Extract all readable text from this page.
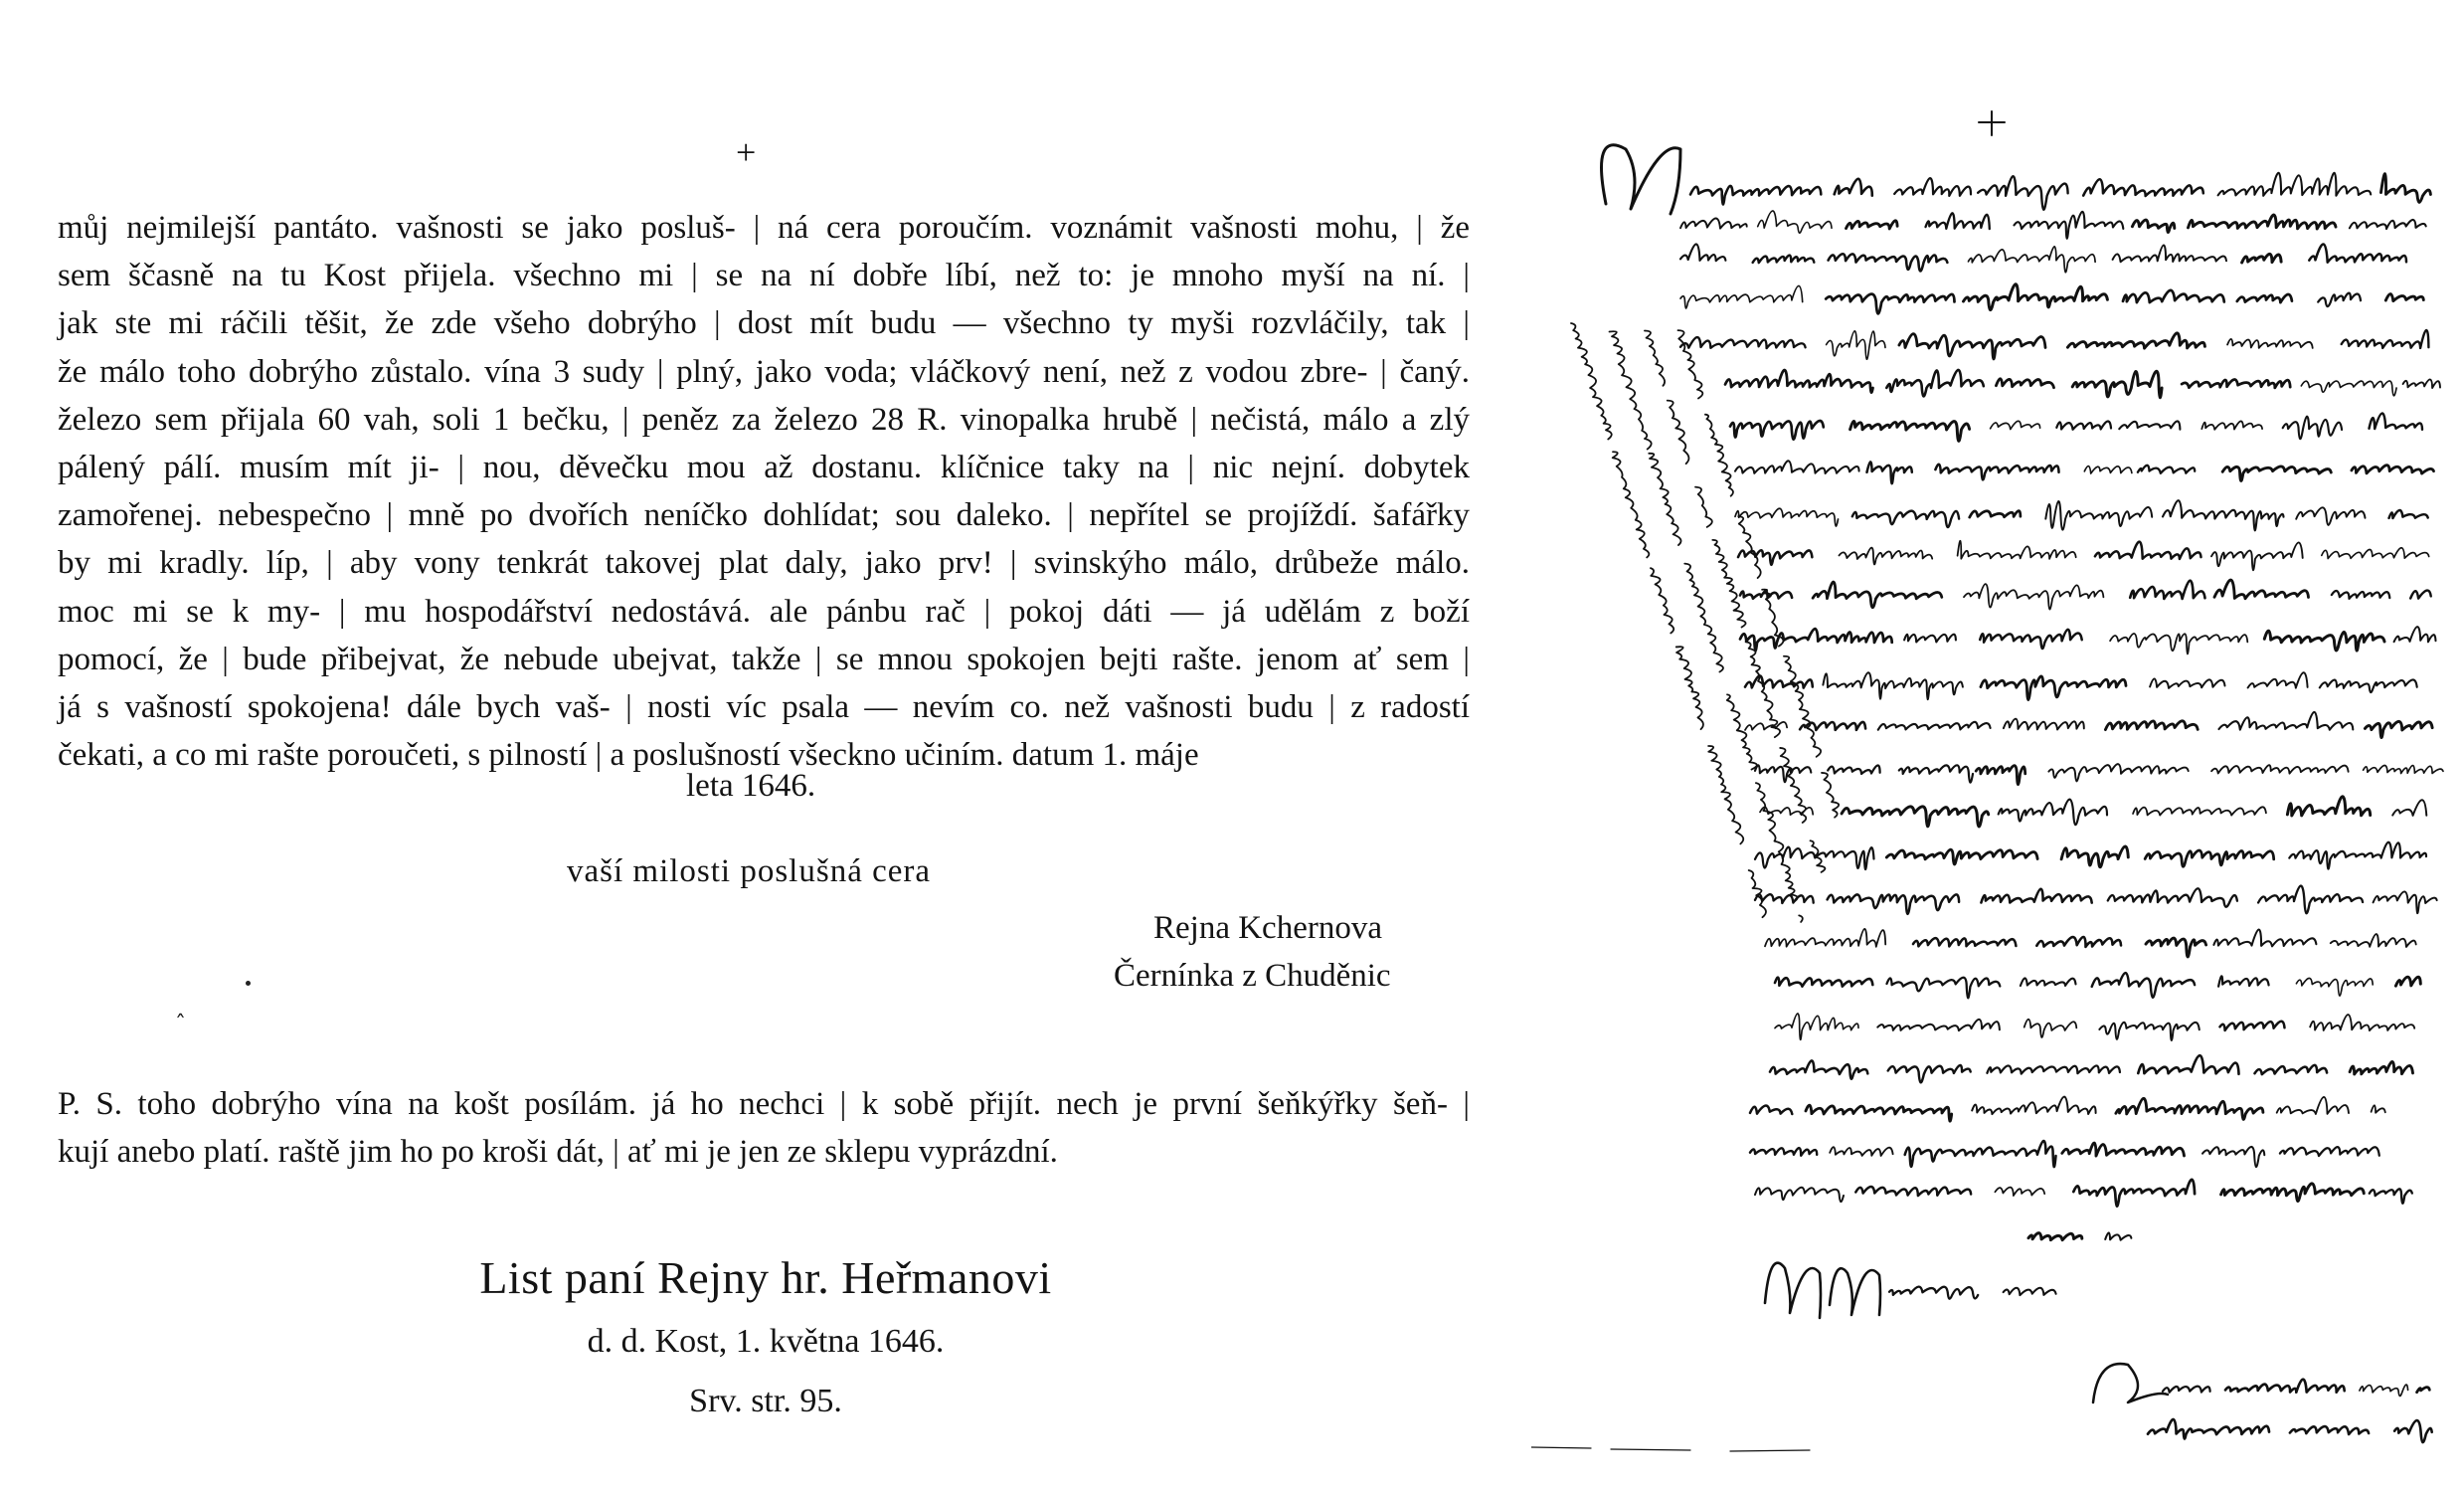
+
můj nejmilejší pantáto. vašnosti se jako posluš- | ná cera poroučím. voznámit vašnosti mohu, | že
sem ščasně na tu Kost přijela. všechno mi | se na ní dobře líbí, než to: je mnoho myší na ní. |
jak ste mi ráčili těšit, že zde všeho dobrýho | dost mít budu — všechno ty myši rozvláčily, tak |
že málo toho dobrýho zůstalo. vína 3 sudy | plný, jako voda; vláčkový není, než z vodou zbre- | čaný.
železo sem přijala 60 vah, soli 1 bečku, | peněz za železo 28 R. vinopalka hrubě | nečistá, málo a zlý
pálený pálí. musím mít ji- | nou, děvečku mou až dostanu. klíčnice taky na | nic nejní. dobytek
zamořenej. nebespečno | mně po dvořích neníčko dohlídat; sou daleko. | nepřítel se projíždí. šafářky
by mi kradly. líp, | aby vony tenkrát takovej plat daly, jako prv! | svinskýho málo, drůbeže málo.
moc mi se k my- | mu hospodářství nedostává. ale pánbu rač | pokoj dáti — já udělám z boží
pomocí, že | bude přibejvat, že nebude ubejvat, takže | se mnou spokojen bejti rašte. jenom ať sem |
já s vašností spokojena! dále bych vaš- | nosti víc psala — nevím co. než vašnosti budu | z radostí
čekati, a co mi rašte poroučeti, s pilností | a poslušností všeckno učiním. datum 1. máje
leta 1646.
vaší milosti poslušná cera
Rejna Kchernova
Černínka z Chuděnic
ˆ
P. S. toho dobrýho vína na košt posílám. já ho nechci | k sobě přijít. nech je první šeňkýřky šeň- |
kují anebo platí. raště jim ho po kroši dát, | ať mi je jen ze sklepu vyprázdní.
List paní Rejny hr. Heřmanovi
d. d. Kost, 1. května 1646.
Srv. str. 95.
